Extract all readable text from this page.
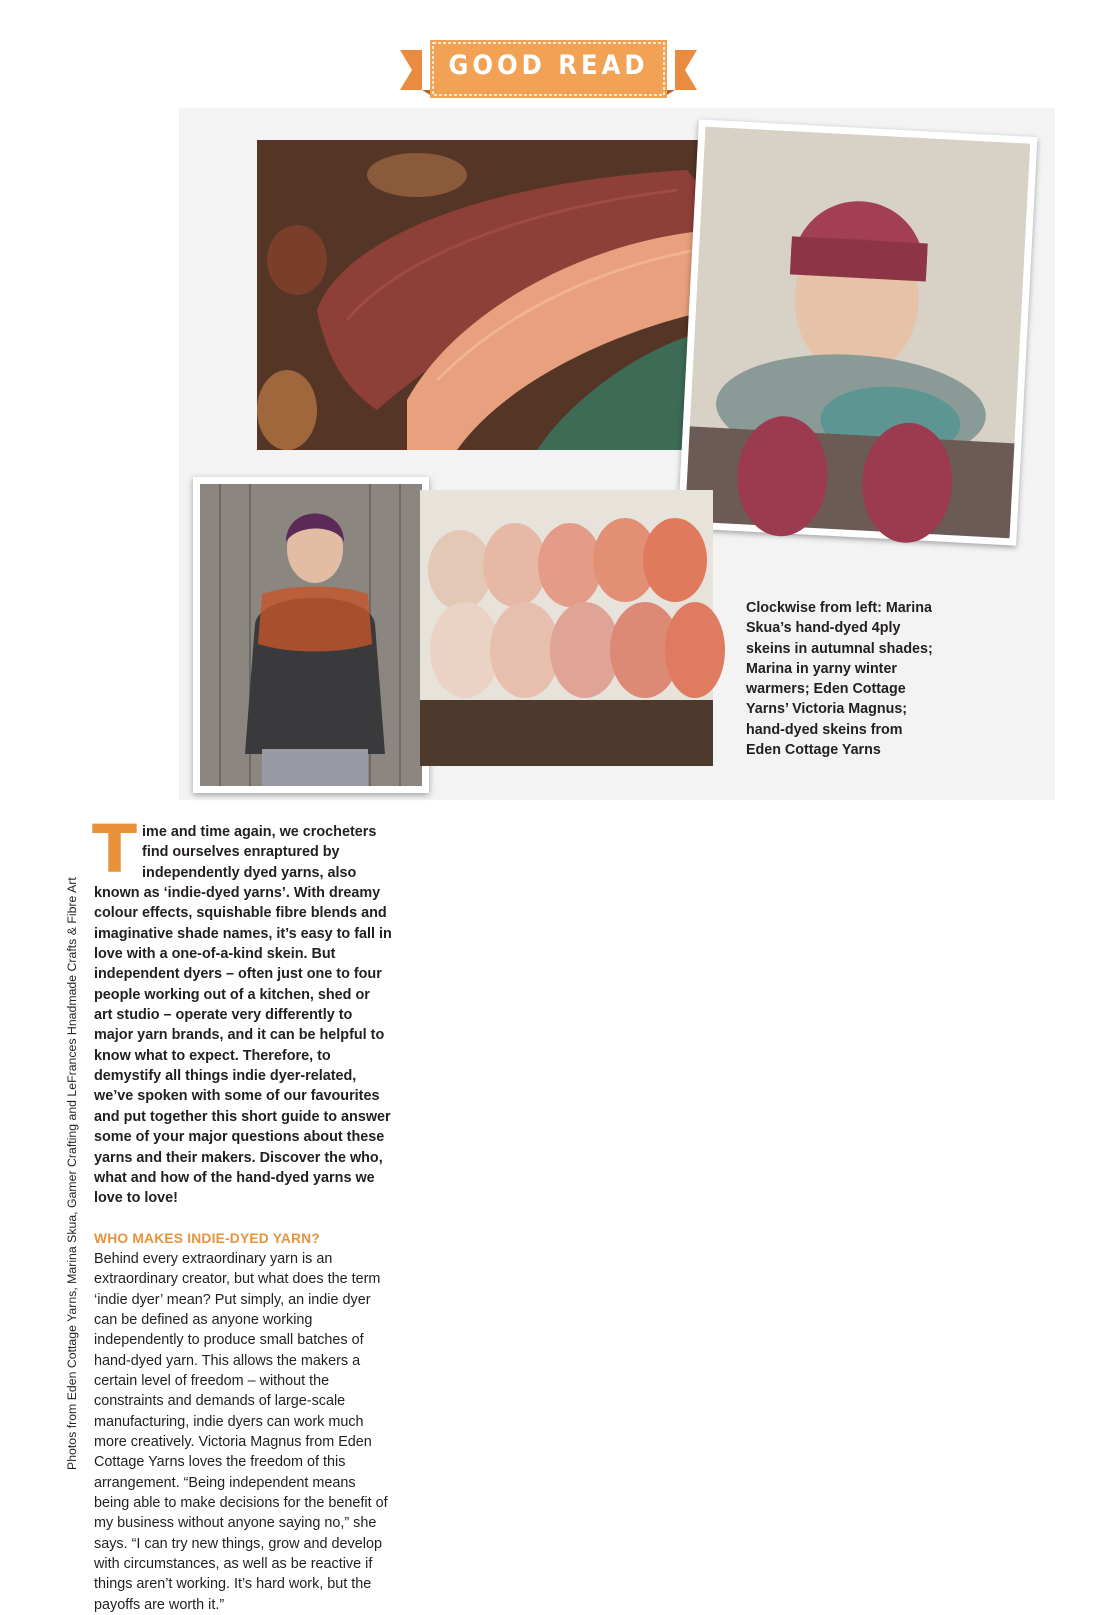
GOOD READ
Clockwise from left: Marina Skua’s hand-dyed 4ply skeins in autumnal shades; Marina in yarny winter warmers; Eden Cottage Yarns’ Victoria Magnus; hand-dyed skeins from Eden Cottage Yarns
Photos from Eden Cottage Yarns, Marina Skua, Gamer Crafting and LeFrances Hnadmade Crafts & Fibre Art

Time and time again, we crocheters find ourselves enraptured by independently dyed yarns, also known as ‘indie-dyed yarns’. With dreamy colour effects, squishable fibre blends and imaginative shade names, it’s easy to fall in love with a one-of-a-kind skein. But independent dyers – often just one to four people working out of a kitchen, shed or art studio – operate very differently to major yarn brands, and it can be helpful to know what to expect. Therefore, to demystify all things indie dyer-related, we’ve spoken with some of our favourites and put together this short guide to answer some of your major questions about these yarns and their makers. Discover the who, what and how of the hand-dyed yarns we love to love!

WHO MAKES INDIE-DYED YARN?

Behind every extraordinary yarn is an extraordinary creator, but what does the term ‘indie dyer’ mean? Put simply, an indie dyer can be defined as anyone working independently to produce small batches of hand-dyed yarn. This allows the makers a certain level of freedom – without the constraints and demands of large-scale manufacturing, indie dyers can work much more creatively. Victoria Magnus from Eden Cottage Yarns loves the freedom of this arrangement. “Being independent means being able to make decisions for the benefit of my business without anyone saying no,” she says. “I can try new things, grow and develop with circumstances, as well as be reactive if things aren’t working. It’s hard work, but the payoffs are worth it.”
